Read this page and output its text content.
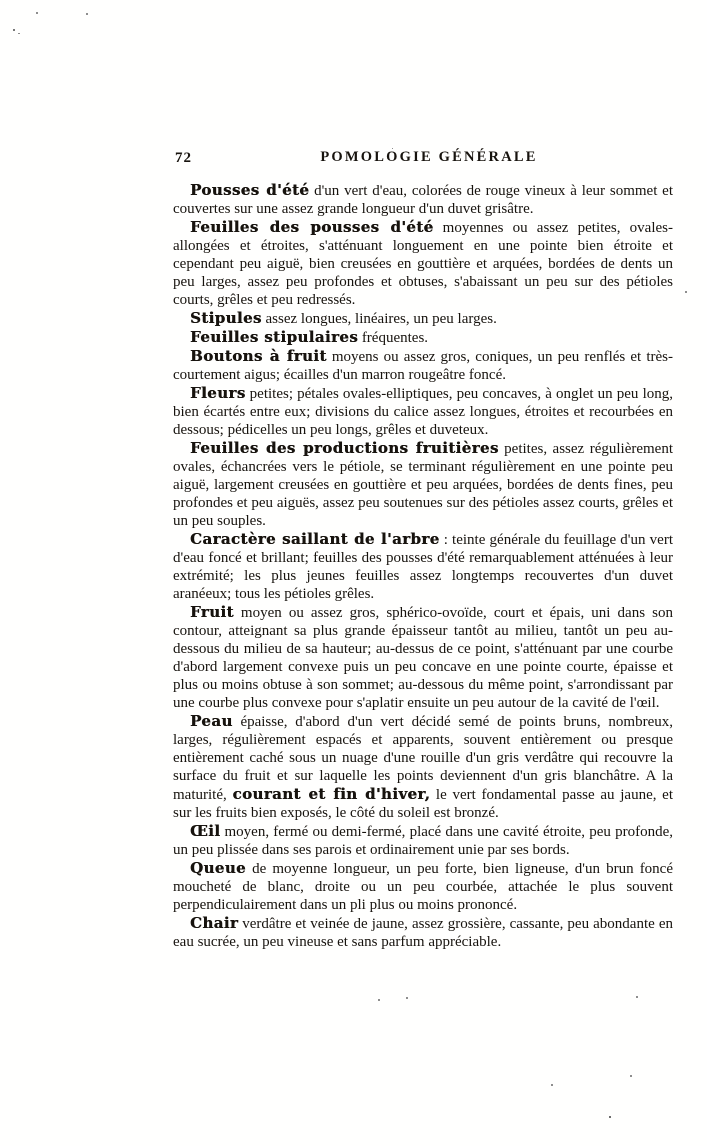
72	POMOLOGIE GÉNÉRALE

Pousses d'été d'un vert d'eau, colorées de rouge vineux à leur sommet et couvertes sur une assez grande longueur d'un duvet grisâtre.

Feuilles des pousses d'été moyennes ou assez petites, ovales-allongées et étroites, s'atténuant longuement en une pointe bien étroite et cependant peu aiguë, bien creusées en gouttière et arquées, bordées de dents un peu larges, assez peu profondes et obtuses, s'abaissant un peu sur des pétioles courts, grêles et peu redressés.

Stipules assez longues, linéaires, un peu larges.

Feuilles stipulaires fréquentes.

Boutons à fruit moyens ou assez gros, coniques, un peu renflés et très-courtement aigus; écailles d'un marron rougeâtre foncé.

Fleurs petites; pétales ovales-elliptiques, peu concaves, à onglet un peu long, bien écartés entre eux; divisions du calice assez longues, étroites et recourbées en dessous; pédicelles un peu longs, grêles et duveteux.

Feuilles des productions fruitières petites, assez régulièrement ovales, échancrées vers le pétiole, se terminant régulièrement en une pointe peu aiguë, largement creusées en gouttière et peu arquées, bordées de dents fines, peu profondes et peu aiguës, assez peu soutenues sur des pétioles assez courts, grêles et un peu souples.

Caractère saillant de l'arbre : teinte générale du feuillage d'un vert d'eau foncé et brillant; feuilles des pousses d'été remarquablement atténuées à leur extrémité; les plus jeunes feuilles assez longtemps recouvertes d'un duvet aranéeux; tous les pétioles grêles.

Fruit moyen ou assez gros, sphérico-ovoïde, court et épais, uni dans son contour, atteignant sa plus grande épaisseur tantôt au milieu, tantôt un peu au-dessous du milieu de sa hauteur; au-dessus de ce point, s'atténuant par une courbe d'abord largement convexe puis un peu concave en une pointe courte, épaisse et plus ou moins obtuse à son sommet; au-dessous du même point, s'arrondissant par une courbe plus convexe pour s'aplatir ensuite un peu autour de la cavité de l'œil.

Peau épaisse, d'abord d'un vert décidé semé de points bruns, nombreux, larges, régulièrement espacés et apparents, souvent entièrement ou presque entièrement caché sous un nuage d'une rouille d'un gris verdâtre qui recouvre la surface du fruit et sur laquelle les points deviennent d'un gris blanchâtre. A la maturité, courant et fin d'hiver, le vert fondamental passe au jaune, et sur les fruits bien exposés, le côté du soleil est bronzé.

Œil moyen, fermé ou demi-fermé, placé dans une cavité étroite, peu profonde, un peu plissée dans ses parois et ordinairement unie par ses bords.

Queue de moyenne longueur, un peu forte, bien ligneuse, d'un brun foncé moucheté de blanc, droite ou un peu courbée, attachée le plus souvent perpendiculairement dans un pli plus ou moins prononcé.

Chair verdâtre et veinée de jaune, assez grossière, cassante, peu abondante en eau sucrée, un peu vineuse et sans parfum appréciable.
